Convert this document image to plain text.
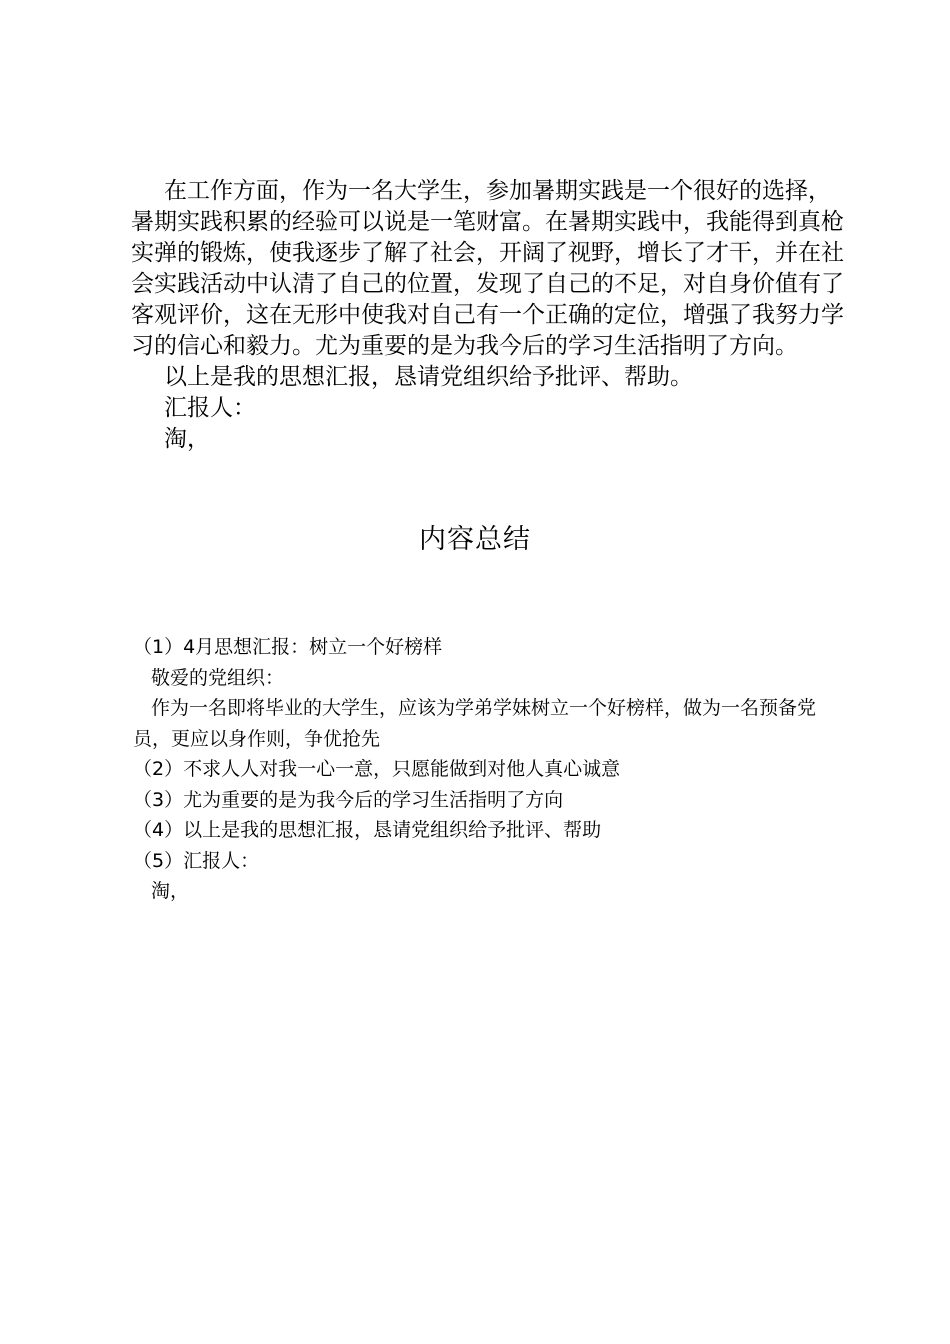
在工作方面，作为一名大学生，参加暑期实践是一个很好的选择，暑期实践积累的经验可以说是一笔财富。在暑期实践中，我能得到真枪实弹的锻炼，使我逐步了解了社会，开阔了视野，增长了才干，并在社会实践活动中认清了自己的位置，发现了自己的不足，对自身价值有了客观评价，这在无形中使我对自己有一个正确的定位，增强了我努力学习的信心和毅力。尤为重要的是为我今后的学习生活指明了方向。

以上是我的思想汇报，恳请党组织给予批评、帮助。

汇报人：

淘，

内容总结

（1）4月思想汇报：树立一个好榜样

敬爱的党组织：

作为一名即将毕业的大学生，应该为学弟学妹树立一个好榜样，做为一名预备党员，更应以身作则，争优抢先

（2）不求人人对我一心一意，只愿能做到对他人真心诚意

（3）尤为重要的是为我今后的学习生活指明了方向

（4）以上是我的思想汇报，恳请党组织给予批评、帮助

（5）汇报人：

淘，
